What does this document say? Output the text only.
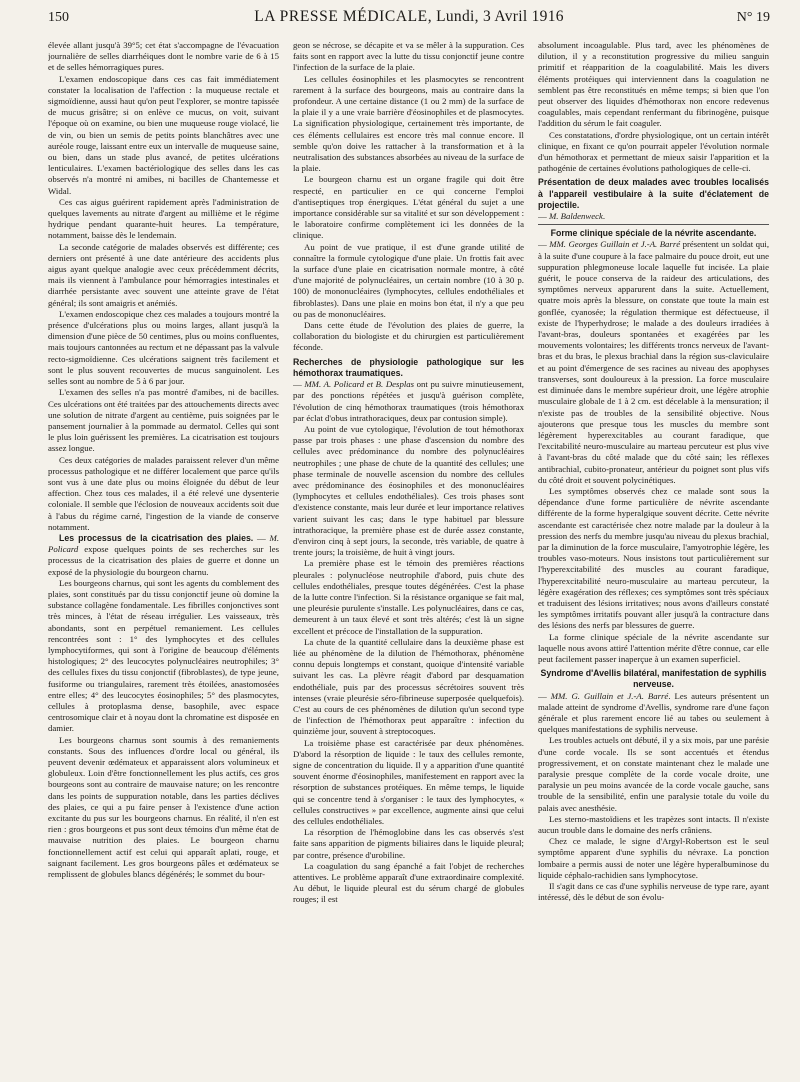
150	LA PRESSE MÉDICALE, Lundi, 3 Avril 1916	N° 19

élevée allant jusqu'à 39°5; cet état s'accompagne de l'évacuation journalière de selles diarrhéiques dont le nombre varie de 6 à 15 et de selles hémorragiques pures.

L'examen endoscopique dans ces cas fait immédiatement constater la localisation de l'affection : la muqueuse rectale et sigmoïdienne, aussi haut qu'on peut l'explorer, se montre tapissée de mucus grisâtre; si on enlève ce mucus, on voit, suivant l'époque où on examine, ou bien une muqueuse rouge violacé, lie de vin, ou bien un semis de petits points blanchâtres avec une auréole rouge, laissant entre eux un intervalle de muqueuse saine, ou bien, dans un stade plus avancé, de petites ulcérations lenticulaires. L'examen bactériologique des selles dans les cas observés n'a montré ni amibes, ni bacilles de Chantemesse et Widal.

Ces cas aigus guérirent rapidement après l'administration de quelques lavements au nitrate d'argent au millième et le régime hydrique pendant quarante-huit heures. La température, notamment, baisse dès le lendemain.

La seconde catégorie de malades observés est différente; ces derniers ont présenté à une date antérieure des accidents plus aigus ayant quelque analogie avec ceux précédemment décrits, mais ils viennent à l'ambulance pour hémorragies intestinales et diarrhée persistante avec souvent une atteinte grave de l'état général; ils sont amaigris et anémiés.

L'examen endoscopique chez ces malades a toujours montré la présence d'ulcérations plus ou moins larges, allant jusqu'à la dimension d'une pièce de 50 centimes, plus ou moins confluentes, mais toujours cantonnées au rectum et ne dépassant pas la valvule recto-sigmoïdienne. Ces ulcérations saignent très facilement et sont le plus souvent recouvertes de mucus sanguinolent. Les selles sont au nombre de 5 à 6 par jour.

L'examen des selles n'a pas montré d'amibes, ni de bacilles. Ces ulcérations ont été traitées par des attouchements directs avec une solution de nitrate d'argent au centième, puis soignées par le pansement journalier à la pommade au dermatol. Celles qui sont le plus loin guérissent les premières. La cicatrisation est toujours assez longue.

Ces deux catégories de malades paraissent relever d'un même processus pathologique et ne différer localement que parce qu'ils sont vus à une date plus ou moins éloignée du début de leur affection. Chez tous ces malades, il a été relevé une dysenterie coloniale. Il semble que l'éclosion de nouveaux accidents soit due à l'abus du régime carné, l'ingestion de la viande de conserve notamment.

Les processus de la cicatrisation des plaies. — M. Policard expose quelques points de ses recherches sur les processus de la cicatrisation des plaies de guerre et donne un exposé de la physiologie du bourgeon charnu.

Les bourgeons charnus, qui sont les agents du comblement des plaies, sont constitués par du tissu conjonctif jeune où domine la substance collagène fondamentale. Les fibrilles conjonctives sont très minces, à l'état de réseau irrégulier. Les vaisseaux, très abondants, sont en perpétuel remaniement. Les cellules rencontrées sont : 1° des lymphocytes et des cellules lymphocytiformes, qui sont à l'origine de beaucoup d'éléments histologiques; 2° des leucocytes polynucléaires neutrophiles; 3° des cellules fixes du tissu conjonctif (fibroblastes), de type jeune, fusiforme ou triangulaires, rarement très étoilées, anastomosées entre elles; 4° des leucocytes éosinophiles; 5° des plasmocytes, cellules à protoplasma dense, basophile, avec espace centrosomique clair et à noyau dont la chromatine est disposée en damier.

Les bourgeons charnus sont soumis à des remaniements constants. Sous des influences d'ordre local ou général, ils peuvent devenir œdémateux et apparaissent alors volumineux et globuleux. Loin d'être fonctionnellement les plus actifs, ces gros bourgeons sont au contraire de mauvaise nature; on les rencontre dans les points de suppuration notable, dans les parties déclives des plaies, ce qui a pu faire penser à l'existence d'une action excitante du pus sur les bourgeons charnus. En réalité, il n'en est rien : gros bourgeons et pus sont deux témoins d'un même état de mauvaise nutrition des plaies. Le bourgeon charnu fonctionnellement actif est celui qui apparaît aplati, rouge, et saignant facilement. Les gros bourgeons pâles et œdémateux se remplissent de globules blancs dégénérés; le sommet du bour-

geon se nécrose, se décapite et va se mêler à la suppuration. Ces faits sont en rapport avec la lutte du tissu conjonctif jeune contre l'infection de la surface de la plaie.

Les cellules éosinophiles et les plasmocytes se rencontrent rarement à la surface des bourgeons, mais au contraire dans la profondeur. A une certaine distance (1 ou 2 mm) de la surface de la plaie il y a une vraie barrière d'éosinophiles et de plasmocytes. La signification physiologique, certainement très importante, de ces éléments cellulaires est encore très mal connue encore. Il semble qu'on doive les rattacher à la transformation et à la neutralisation des substances absorbées au niveau de la surface de la plaie.

Le bourgeon charnu est un organe fragile qui doit être respecté, en particulier en ce qui concerne l'emploi d'antiseptiques trop énergiques. L'état général du sujet a une importance considérable sur sa vitalité et sur son développement : le laboratoire confirme complètement ici les données de la clinique.

Au point de vue pratique, il est d'une grande utilité de connaître la formule cytologique d'une plaie. Un frottis fait avec la surface d'une plaie en cicatrisation normale montre, à côté d'une majorité de polynucléaires, un certain nombre (10 à 30 p. 100) de mononucléaires (lymphocytes, cellules endothéliales et fibroblastes). Dans une plaie en moins bon état, il n'y a que peu ou pas de mononucléaires.

Dans cette étude de l'évolution des plaies de guerre, la collaboration du biologiste et du chirurgien est particulièrement féconde.

Recherches de physiologie pathologique sur les hémothorax traumatiques.
— MM. A. Policard et B. Desplas ont pu suivre minutieusement, par des ponctions répétées et jusqu'à guérison complète, l'évolution de cinq hémothorax traumatiques (trois hémothorax par éclat d'obus intrathoraciques, deux par contusion simple).

Au point de vue cytologique, l'évolution de tout hémothorax passe par trois phases : une phase d'ascension du nombre des cellules avec prédominance du nombre des polynucléaires neutrophiles ; une phase de chute de la quantité des cellules; une phase terminale de nouvelle ascension du nombre des cellules avec prédominance des éosinophiles et des mononucléaires (lymphocytes et cellules endothéliales). Ces trois phases sont d'existence constante, mais leur durée et leur importance relatives varient suivant les cas; dans le type habituel par blessure intrathoracique, la première phase est de durée assez constante, d'environ cinq à sept jours, la seconde, très variable, de quatre à trente jours; la troisième, de huit à vingt jours.

La première phase est le témoin des premières réactions pleurales : polynucléose neutrophile d'abord, puis chute des cellules endothéliales, presque toutes dégénérées. C'est la phase de la lutte contre l'infection. Si la résistance organique se fait mal, une pleurésie purulente s'installe. Les polynucléaires, dans ce cas, demeurent à un taux élevé et sont très altérés; c'est là un signe excellent et précoce de l'installation de la suppuration.

La chute de la quantité cellulaire dans la deuxième phase est liée au phénomène de la dilution de l'hémothorax, phénomène connu depuis longtemps et constant, quoique d'intensité variable suivant les cas. La plèvre réagit d'abord par desquamation endothéliale, puis par des processus sécrétoires souvent très intenses (vraie pleurésie séro-fibrineuse superposée quelquefois). C'est au cours de ces phénomènes de dilution qu'un second type de l'infection de l'hémothorax peut apparaître : infection du quinzième jour, souvent à streptocoques.

La troisième phase est caractérisée par deux phénomènes. D'abord la résorption de liquide : le taux des cellules remonte, signe de concentration du liquide. Il y a apparition d'une quantité souvent énorme d'éosinophiles, manifestement en rapport avec la résorption de substances protéiques. En même temps, le liquide qui se concentre tend à s'organiser : le taux des lymphocytes, « cellules constructives » par excellence, augmente ainsi que celui des cellules endothéliales.

La résorption de l'hémoglobine dans les cas observés s'est faite sans apparition de pigments biliaires dans le liquide pleural; par contre, présence d'urobiline.

La coagulation du sang épanché a fait l'objet de recherches attentives. Le problème apparaît d'une extraordinaire complexité. Au début, le liquide pleural est du sérum chargé de globules rouges; il est

absolument incoagulable. Plus tard, avec les phénomènes de dilution, il y a reconstitution progressive du milieu sanguin primitif et réapparition de la coagulabilité. Mais les divers éléments protéiques qui interviennent dans la coagulation ne semblent pas être reconstitués en même temps; si bien que l'on peut observer des liquides d'hémothorax non encore redevenus coagulables, mais cependant renfermant du fibrinogène, puisque l'addition du sérum le fait coaguler.

Ces constatations, d'ordre physiologique, ont un certain intérêt clinique, en fixant ce qu'on pourrait appeler l'évolution normale d'un hémothorax et permettant de mieux saisir l'apparition et la pathogénie de certaines évolutions pathologiques de celle-ci.

Présentation de deux malades avec troubles localisés à l'appareil vestibulaire à la suite d'éclatement de projectile.
— M. Baldenweck.

Forme clinique spéciale de la névrite ascendante.
— MM. Georges Guillain et J.-A. Barré présentent un soldat qui, à la suite d'une coupure à la face palmaire du pouce droit, eut une suppuration phlegmoneuse locale laquelle fut incisée. La plaie guérit, le pouce conserva de la raideur des articulations, des symptômes nerveux apparurent dans la suite. Actuellement, quatre mois après la blessure, on constate que toute la main est gonflée, cyanosée; la régulation thermique est défectueuse, il existe de l'hyperhydrose; le malade a des douleurs irradiées à l'avant-bras, douleurs spontanées et exagérées par les mouvements volontaires; les différents troncs nerveux de l'avant-bras et du bras, le plexus brachial dans la région sus-claviculaire et au point d'émergence de ses racines au niveau des apophyses transverses, sont douloureux à la pression. La force musculaire est diminuée dans le membre supérieur droit, une légère atrophie musculaire globale de 1 à 2 cm. est décelable à la mensuration; il n'existe pas de troubles de la sensibilité objective. Nous ajouterons que presque tous les muscles du membre sont légèrement hyperexcitables au courant faradique, que l'excitabilité neuro-musculaire au marteau percuteur est plus vive à l'avant-bras du côté malade que du côté sain; les réflexes antibrachial, cubito-pronateur, antérieur du poignet sont plus vifs du côté droit et souvent polycinétiques.

Les symptômes observés chez ce malade sont sous la dépendance d'une forme particulière de névrite ascendante différente de la forme hyperalgique souvent décrite. Cette névrite ascendante est caractérisée chez notre malade par la douleur à la pression des nerfs du membre jusqu'au niveau du plexus brachial, par la diminution de la force musculaire, l'amyotrophie légère, les troubles vaso-moteurs. Nous insistons tout particulièrement sur l'hyperexcitabilité des muscles au courant faradique, l'hyperexcitabilité neuro-musculaire au marteau percuteur, la légère exagération des réflexes; ces symptômes sont très spéciaux et traduisent des lésions irritatives; nous avons d'ailleurs constaté les symptômes irritatifs pouvant aller jusqu'à la contracture dans des lésions des nerfs par blessures de guerre.

La forme clinique spéciale de la névrite ascendante sur laquelle nous avons attiré l'attention mérite d'être connue, car elle peut facilement passer inaperçue à un examen superficiel.

Syndrome d'Avellis bilatéral, manifestation de syphilis nerveuse.
— MM. G. Guillain et J.-A. Barré. Les auteurs présentent un malade atteint de syndrome d'Avellis, syndrome rare d'une façon générale et plus rarement encore lié au tabes ou seulement à quelques manifestations de syphilis nerveuse.

Les troubles actuels ont débuté, il y a six mois, par une parésie d'une corde vocale. Ils se sont accentués et étendus progressivement, et on constate maintenant chez le malade une paralysie presque complète de la corde vocale droite, une paralysie un peu moins avancée de la corde vocale gauche, sans trouble de la sensibilité, enfin une paralysie totale du voile du palais avec anesthésie.

Les sterno-mastoïdiens et les trapèzes sont intacts. Il n'existe aucun trouble dans le domaine des nerfs crâniens.

Chez ce malade, le signe d'Argyl-Robertson est le seul symptôme apparent d'une syphilis du névraxe. La ponction lombaire a permis aussi de noter une légère hyperalbuminose du liquide céphalo-rachidien sans lymphocytose.

Il s'agit dans ce cas d'une syphilis nerveuse de type rare, ayant intéressé, dès le début de son évolu-
